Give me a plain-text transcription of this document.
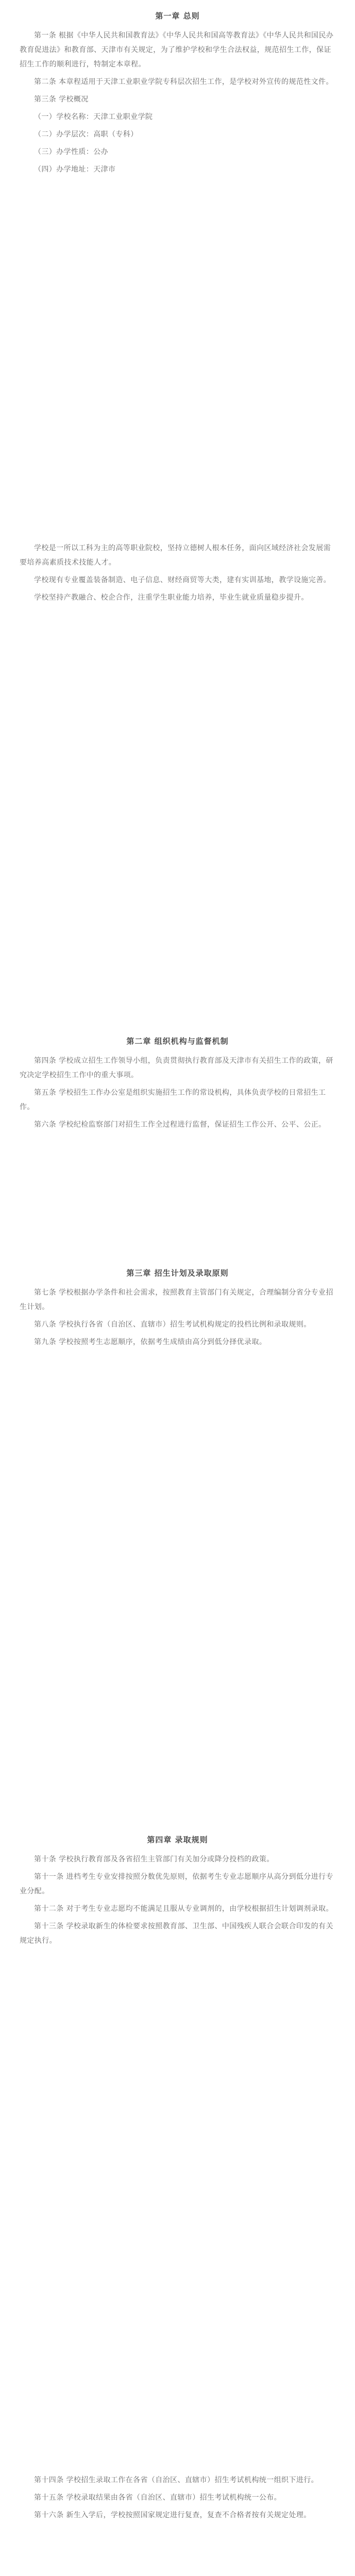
第一章 总则

第一条 根据《中华人民共和国教育法》《中华人民共和国高等教育法》《中华人民共和国民办教育促进法》和教育部、天津市有关规定，为了维护学校和学生合法权益，规范招生工作，保证招生工作的顺利进行，特制定本章程。

第二条 本章程适用于天津工业职业学院专科层次招生工作，是学校对外宣传的规范性文件。

第三条 学校概况

（一）学校名称：天津工业职业学院

（二）办学层次：高职（专科）

（三）办学性质：公办

（四）办学地址：天津市

学校是一所以工科为主的高等职业院校，坚持立德树人根本任务，面向区域经济社会发展需要培养高素质技术技能人才。

学校现有专业覆盖装备制造、电子信息、财经商贸等大类，建有实训基地，教学设施完善。

学校坚持产教融合、校企合作，注重学生职业能力培养，毕业生就业质量稳步提升。

第二章 组织机构与监督机制

第四条 学校成立招生工作领导小组，负责贯彻执行教育部及天津市有关招生工作的政策，研究决定学校招生工作中的重大事项。

第五条 学校招生工作办公室是组织实施招生工作的常设机构，具体负责学校的日常招生工作。

第六条 学校纪检监察部门对招生工作全过程进行监督，保证招生工作公开、公平、公正。

第三章 招生计划及录取原则

第七条 学校根据办学条件和社会需求，按照教育主管部门有关规定，合理编制分省分专业招生计划。

第八条 学校执行各省（自治区、直辖市）招生考试机构规定的投档比例和录取规则。

第九条 学校按照考生志愿顺序，依据考生成绩由高分到低分择优录取。

第四章 录取规则

第十条 学校执行教育部及各省招生主管部门有关加分或降分投档的政策。

第十一条 进档考生专业安排按照分数优先原则，依据考生专业志愿顺序从高分到低分进行专业分配。

第十二条 对于考生专业志愿均不能满足且服从专业调剂的，由学校根据招生计划调剂录取。

第十三条 学校录取新生的体检要求按照教育部、卫生部、中国残疾人联合会联合印发的有关规定执行。

第十四条 学校招生录取工作在各省（自治区、直辖市）招生考试机构统一组织下进行。

第十五条 学校录取结果由各省（自治区、直辖市）招生考试机构统一公布。

第十六条 新生入学后，学校按照国家规定进行复查，复查不合格者按有关规定处理。
